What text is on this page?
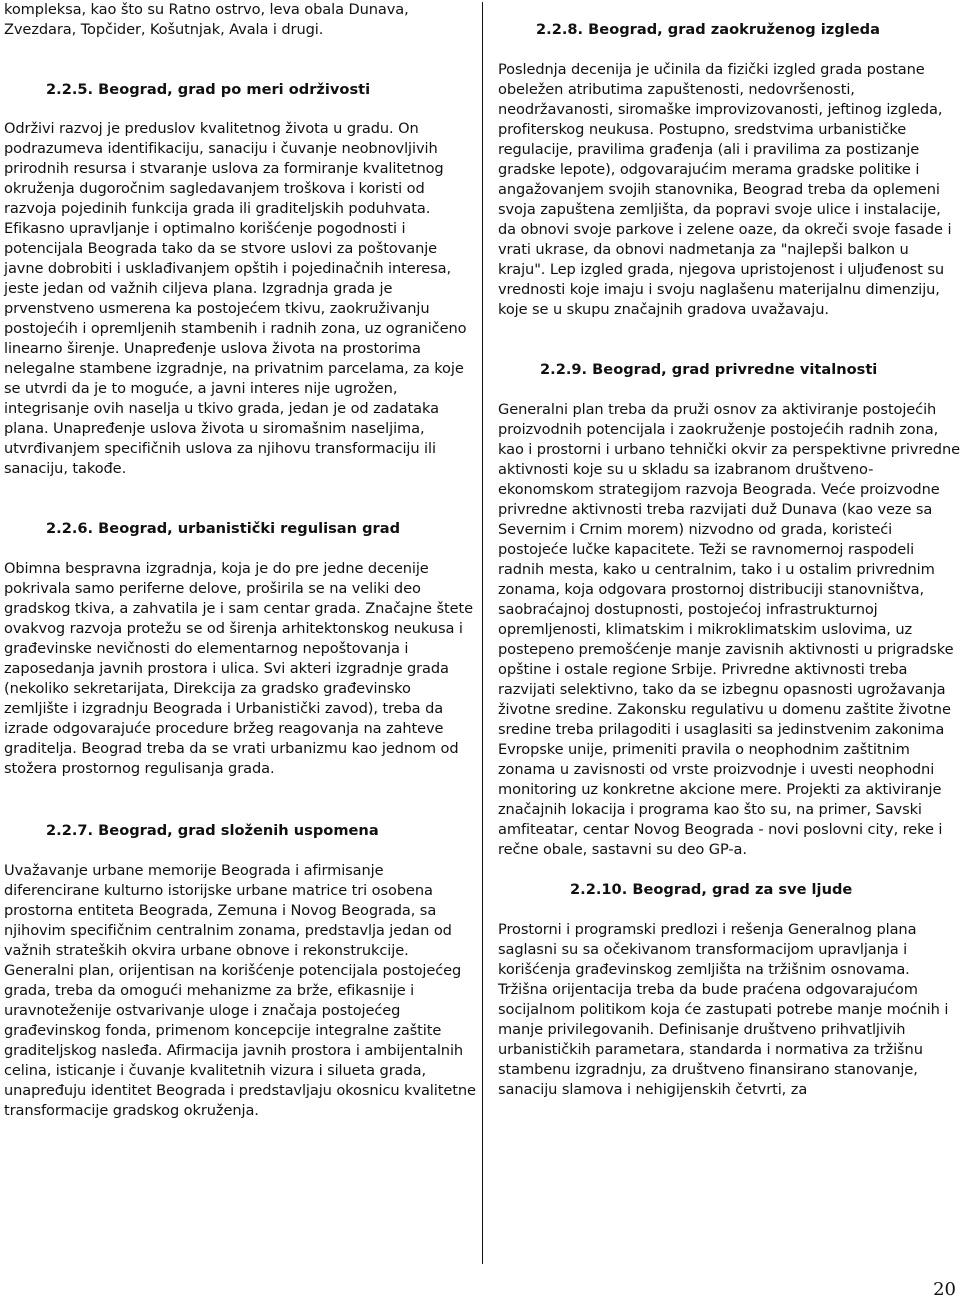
kompleksa, kao što su Ratno ostrvo, leva obala Dunava, Zvezdara, Topčider, Košutnjak, Avala i drugi.

2.2.5. Beograd, grad po meri održivosti

Održivi razvoj je preduslov kvalitetnog života u gradu. On podrazumeva identifikaciju, sanaciju i čuvanje neobnovljivih prirodnih resursa i stvaranje uslova za formiranje kvalitetnog okruženja dugoročnim sagledavanjem troškova i koristi od razvoja pojedinih funkcija grada ili graditeljskih poduhvata. Efikasno upravljanje i optimalno korišćenje pogodnosti i potencijala Beograda tako da se stvore uslovi za poštovanje javne dobrobiti i usklađivanjem opštih i pojedinačnih interesa, jeste jedan od važnih ciljeva plana. Izgradnja grada je prvenstveno usmerena ka postojećem tkivu, zaokruživanju postojećih i opremljenih stambenih i radnih zona, uz ograničeno linearno širenje. Unapređenje uslova života na prostorima nelegalne stambene izgradnje, na privatnim parcelama, za koje se utvrdi da je to moguće, a javni interes nije ugrožen, integrisanje ovih naselja u tkivo grada, jedan je od zadataka plana. Unapređenje uslova života u siromašnim naseljima, utvrđivanjem specifičnih uslova za njihovu transformaciju ili sanaciju, takođe.

2.2.6. Beograd, urbanistički regulisan grad

Obimna bespravna izgradnja, koja je do pre jedne decenije pokrivala samo periferne delove, proširila se na veliki deo gradskog tkiva, a zahvatila je i sam centar grada. Značajne štete ovakvog razvoja protežu se od širenja arhitektonskog neukusa i građevinske nevičnosti do elementarnog nepoštovanja i zaposedanja javnih prostora i ulica. Svi akteri izgradnje grada (nekoliko sekretarijata, Direkcija za gradsko građevinsko zemljište i izgradnju Beograda i Urbanistički zavod), treba da izrade odgovarajuće procedure bržeg reagovanja na zahteve graditelja. Beograd treba da se vrati urbanizmu kao jednom od stožera prostornog regulisanja grada.

2.2.7. Beograd, grad složenih uspomena

Uvažavanje urbane memorije Beograda i afirmisanje diferencirane kulturno istorijske urbane matrice tri osobena prostorna entiteta Beograda, Zemuna i Novog Beograda, sa njihovim specifičnim centralnim zonama, predstavlja jedan od važnih strateških okvira urbane obnove i rekonstrukcije. Generalni plan, orijentisan na korišćenje potencijala postojećeg grada, treba da omogući mehanizme za brže, efikasnije i uravnoteženije ostvarivanje uloge i značaja postojećeg građevinskog fonda, primenom koncepcije integralne zaštite graditeljskog nasleđa. Afirmacija javnih prostora i ambijentalnih celina, isticanje i čuvanje kvalitetnih vizura i silueta grada, unapređuju identitet Beograda i predstavljaju okosnicu kvalitetne transformacije gradskog okruženja.

2.2.8. Beograd, grad zaokruženog izgleda

Poslednja decenija je učinila da fizički izgled grada postane obeležen atributima zapuštenosti, nedovršenosti, neodržavanosti, siromaške improvizovanosti, jeftinog izgleda, profiterskog neukusa. Postupno, sredstvima urbanističke regulacije, pravilima građenja (ali i pravilima za postizanje gradske lepote), odgovarajućim merama gradske politike i angažovanjem svojih stanovnika, Beograd treba da oplemeni svoja zapuštena zemljišta, da popravi svoje ulice i instalacije, da obnovi svoje parkove i zelene oaze, da okreči svoje fasade i vrati ukrase, da obnovi nadmetanja za "najlepši balkon u kraju". Lep izgled grada, njegova upristojenost i uljuđenost su vrednosti koje imaju i svoju naglašenu materijalnu dimenziju, koje se u skupu značajnih gradova uvažavaju.

2.2.9. Beograd, grad privredne vitalnosti

Generalni plan treba da pruži osnov za aktiviranje postojećih proizvodnih potencijala i zaokruženje postojećih radnih zona, kao i prostorni i urbano tehnički okvir za perspektivne privredne aktivnosti koje su u skladu sa izabranom društveno-ekonomskom strategijom razvoja Beograda. Veće proizvodne privredne aktivnosti treba razvijati duž Dunava (kao veze sa Severnim i Crnim morem) nizvodno od grada, koristeći postojeće lučke kapacitete. Teži se ravnomernoj raspodeli radnih mesta, kako u centralnim, tako i u ostalim privrednim zonama, koja odgovara prostornoj distribuciji stanovništva, saobraćajnoj dostupnosti, postojećoj infrastrukturnoj opremljenosti, klimatskim i mikroklimatskim uslovima, uz postepeno premošćenje manje zavisnih aktivnosti u prigradske opštine i ostale regione Srbije. Privredne aktivnosti treba razvijati selektivno, tako da se izbegnu opasnosti ugrožavanja životne sredine. Zakonsku regulativu u domenu zaštite životne sredine treba prilagoditi i usaglasiti sa jedinstvenim zakonima Evropske unije, primeniti pravila o neophodnim zaštitnim zonama u zavisnosti od vrste proizvodnje i uvesti neophodni monitoring uz konkretne akcione mere. Projekti za aktiviranje značajnih lokacija i programa kao što su, na primer, Savski amfiteatar, centar Novog Beograda - novi poslovni city, reke i rečne obale, sastavni su deo GP-a.

2.2.10. Beograd, grad za sve ljude

Prostorni i programski predlozi i rešenja Generalnog plana saglasni su sa očekivanom transformacijom upravljanja i korišćenja građevinskog zemljišta na tržišnim osnovama. Tržišna orijentacija treba da bude praćena odgovarajućom socijalnom politikom koja će zastupati potrebe manje moćnih i manje privilegovanih. Definisanje društveno prihvatljivih urbanističkih parametara, standarda i normativa za tržišnu stambenu izgradnju, za društveno finansirano stanovanje, sanaciju slamova i nehigijenskih četvrti, za

20
